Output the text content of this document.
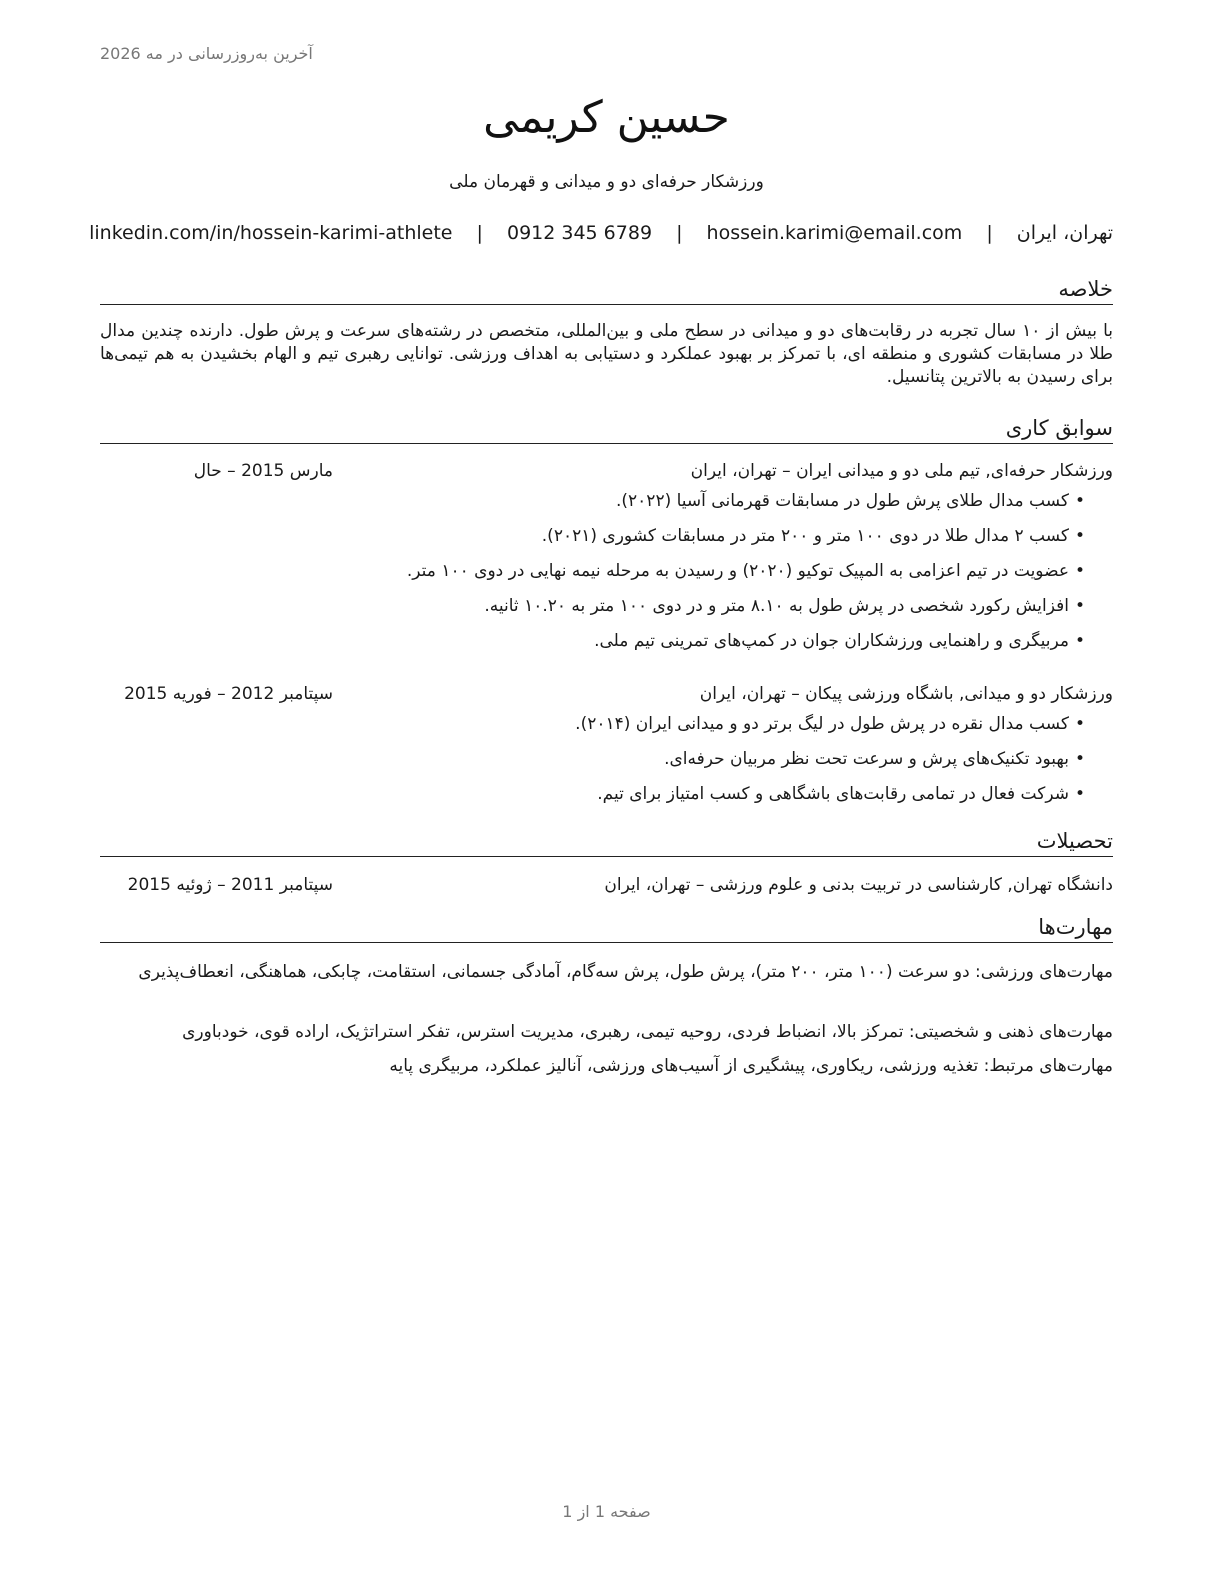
آخرین به‌روزرسانی در مه 2026
حسین کریمی
ورزشکار حرفه‌ای دو و میدانی و قهرمان ملی
تهران، ایران | hossein.karimi@email.com | 0912 345 6789 | linkedin.com/in/hossein-karimi-athlete
خلاصه
با بیش از ۱۰ سال تجربه در رقابت‌های دو و میدانی در سطح ملی و بین‌المللی، متخصص در رشته‌های سرعت و پرش طول. دارنده چندین مدال طلا در مسابقات کشوری و منطقه ای، با تمرکز بر بهبود عملکرد و دستیابی به اهداف ورزشی. توانایی رهبری تیم و الهام بخشیدن به هم تیمی‌ها برای رسیدن به بالاترین پتانسیل.
سوابق کاری
ورزشکار حرفه‌ای, تیم ملی دو و میدانی ایران – تهران، ایران
مارس 2015 – حال
• کسب مدال طلای پرش طول در مسابقات قهرمانی آسیا (۲۰۲۲).
• کسب ۲ مدال طلا در دوی ۱۰۰ متر و ۲۰۰ متر در مسابقات کشوری (۲۰۲۱).
• عضویت در تیم اعزامی به المپیک توکیو (۲۰۲۰) و رسیدن به مرحله نیمه نهایی در دوی ۱۰۰ متر.
• افزایش رکورد شخصی در پرش طول به ۸.۱۰ متر و در دوی ۱۰۰ متر به ۱۰.۲۰ ثانیه.
• مربیگری و راهنمایی ورزشکاران جوان در کمپ‌های تمرینی تیم ملی.
ورزشکار دو و میدانی, باشگاه ورزشی پیکان – تهران، ایران
سپتامبر 2012 – فوریه 2015
• کسب مدال نقره در پرش طول در لیگ برتر دو و میدانی ایران (۲۰۱۴).
• بهبود تکنیک‌های پرش و سرعت تحت نظر مربیان حرفه‌ای.
• شرکت فعال در تمامی رقابت‌های باشگاهی و کسب امتیاز برای تیم.
تحصیلات
دانشگاه تهران, کارشناسی در تربیت بدنی و علوم ورزشی – تهران، ایران
سپتامبر 2011 – ژوئیه 2015
مهارت‌ها
مهارت‌های ورزشی: دو سرعت (۱۰۰ متر، ۲۰۰ متر)، پرش طول، پرش سه‌گام، آمادگی جسمانی، استقامت، چابکی، هماهنگی، انعطاف‌پذیری
مهارت‌های ذهنی و شخصیتی: تمرکز بالا، انضباط فردی، روحیه تیمی، رهبری، مدیریت استرس، تفکر استراتژیک، اراده قوی، خودباوری
مهارت‌های مرتبط: تغذیه ورزشی، ریکاوری، پیشگیری از آسیب‌های ورزشی، آنالیز عملکرد، مربیگری پایه
صفحه 1 از 1
